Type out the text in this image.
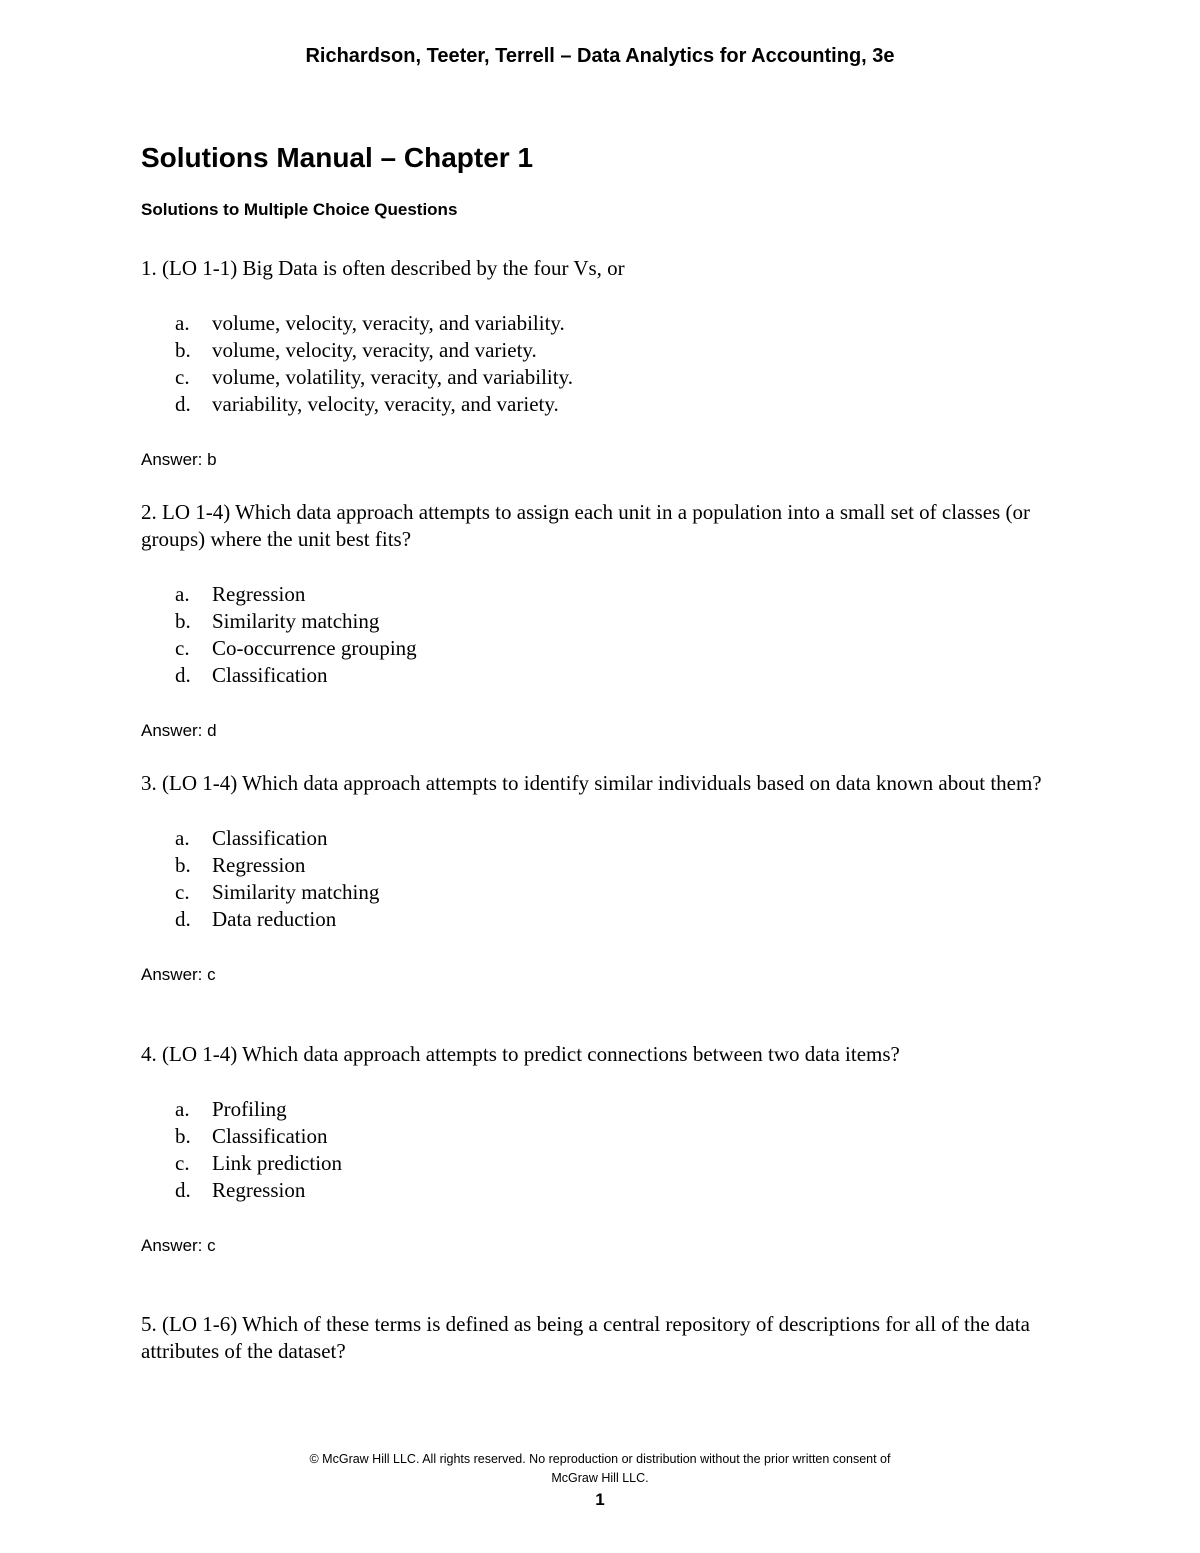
Richardson, Teeter, Terrell – Data Analytics for Accounting, 3e
Solutions Manual – Chapter 1
Solutions to Multiple Choice Questions

1. (LO 1-1) Big Data is often described by the four Vs, or

a. volume, velocity, veracity, and variability.
b. volume, velocity, veracity, and variety.
c. volume, volatility, veracity, and variability.
d. variability, velocity, veracity, and variety.

Answer: b

2. LO 1-4) Which data approach attempts to assign each unit in a population into a small set of classes (or groups) where the unit best fits?

a. Regression
b. Similarity matching
c. Co-occurrence grouping
d. Classification

Answer: d

3. (LO 1-4) Which data approach attempts to identify similar individuals based on data known about them?

a. Classification
b. Regression
c. Similarity matching
d. Data reduction

Answer: c

4. (LO 1-4) Which data approach attempts to predict connections between two data items?

a. Profiling
b. Classification
c. Link prediction
d. Regression

Answer: c

5. (LO 1-6) Which of these terms is defined as being a central repository of descriptions for all of the data attributes of the dataset?

© McGraw Hill LLC. All rights reserved. No reproduction or distribution without the prior written consent of
McGraw Hill LLC.
1
